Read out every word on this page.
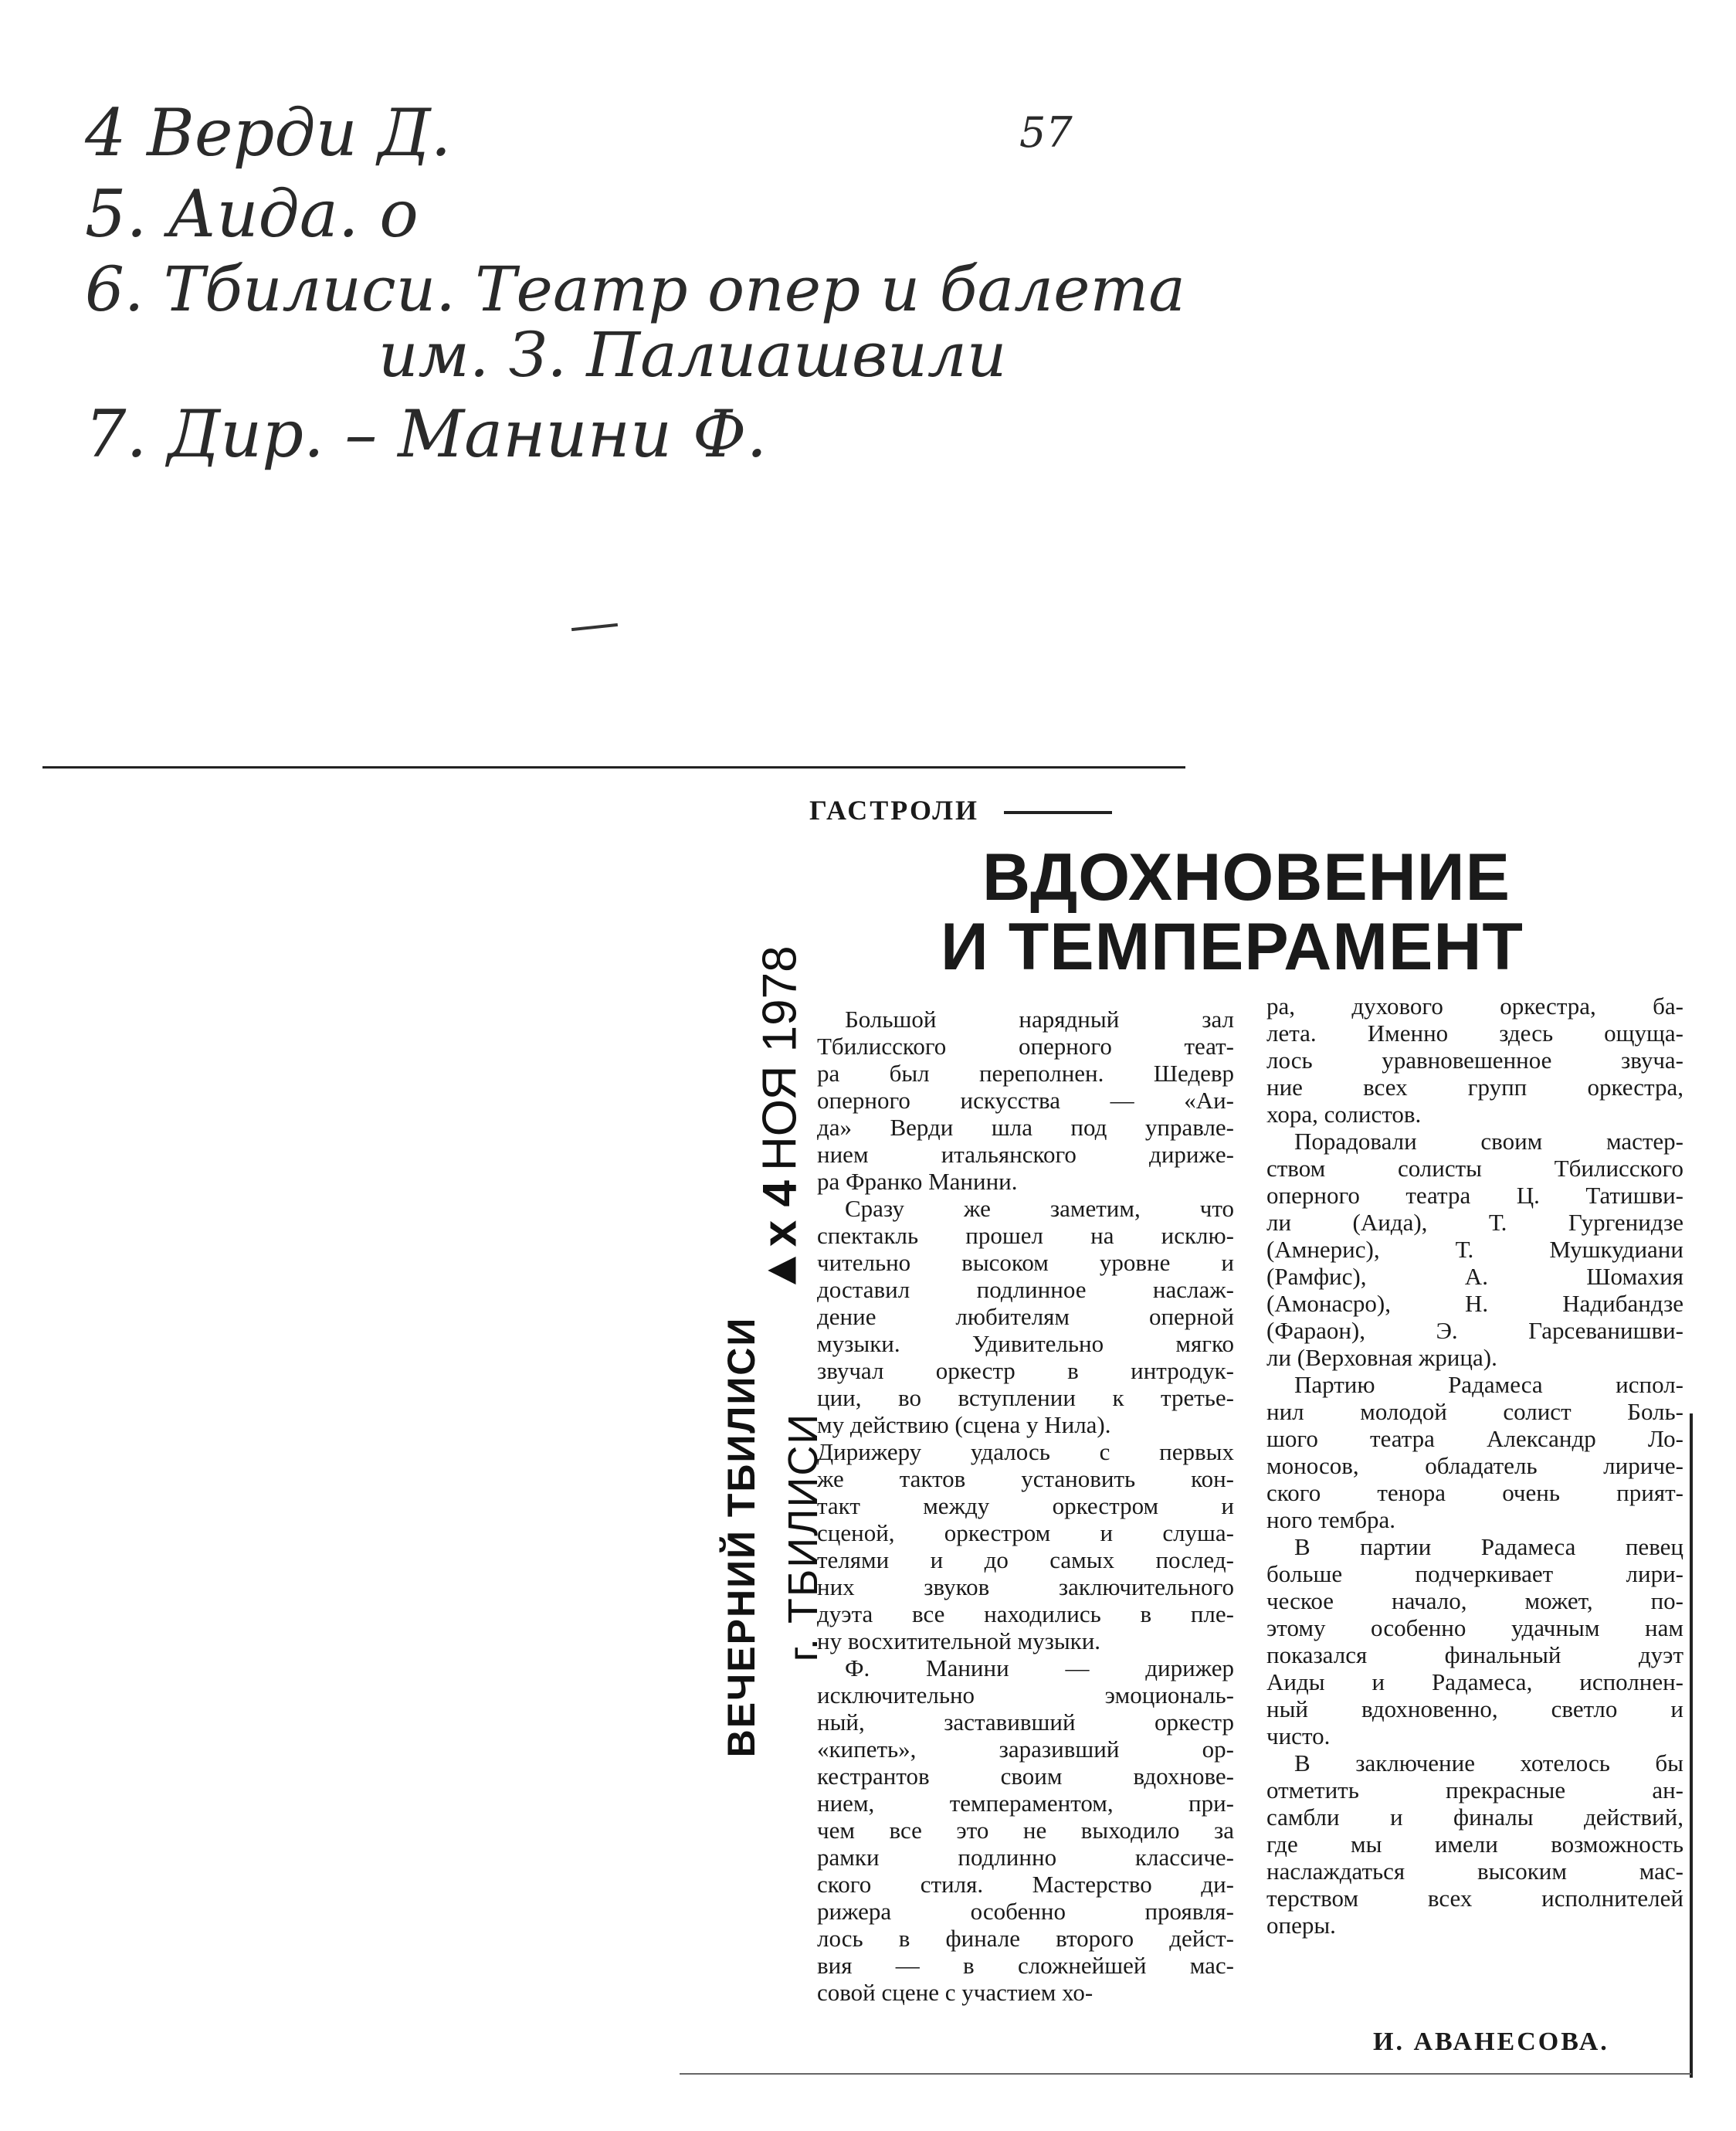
4 Верди Д.
5. Аида. о
6. Тбилиси. Театр опер и балета
им. З. Палиашвили
7. Дир. – Манини Ф.
57
ГАСТРОЛИ
ВДОХНОВЕНИЕ
И ТЕМПЕРАМЕНТ
▲x 4НОЯ 1978
ВЕЧЕРНИЙ ТБИЛИСИ г. ТБИЛИСИ

Большой нарядный зал

Тбилисского оперного теат-

ра был переполнен. Шедевр

оперного искусства — «Аи-

да» Верди шла под управле-

нием итальянского дирижe-

ра Франко Манини.

Сразу же заметим, что

спектакль прошел на исклю-

чительно высоком уровне и

доставил подлинное наслаж-

дение любителям оперной

музыки. Удивительно мягко

звучал оркестр в интродук-

ции, во вступлении к третье-

му действию (сцена у Нила).

Дирижеру удалось с первых

же тактов установить кон-

такт между оркестром и

сценой, оркестром и слуша-

телями и до самых послед-

них звуков заключительного

дуэта все находились в пле-

ну восхитительной музыки.

Ф. Манини — дирижер

исключительно эмоциональ-

ный, заставивший оркестр

«кипеть», заразивший ор-

кестрантов своим вдохнове-

нием, темпераментом, при-

чем все это не выходило за

рамки подлинно классиче-

ского стиля. Мастерство ди-

рижера особенно проявля-

лось в финале второго дейст-

вия — в сложнейшей мас-

совой сцене с участием хо-

ра, духового оркестра, ба-

лета. Именно здесь ощуща-

лось уравновешенное звуча-

ние всех групп оркестра,

хора, солистов.

Порадовали своим мастер-

ством солисты Тбилисского

оперного театра Ц. Татишви-

ли (Аида), Т. Гургенидзе

(Амнерис), Т. Мушкудиани

(Рамфис), А. Шомахия

(Амонасро), Н. Надибандзе

(Фараон), Э. Гарсеванишви-

ли (Верховная жрица).

Партию Радамеса испол-

нил молодой солист Боль-

шого театра Александр Ло-

моносов, обладатель лириче-

ского тенора очень прият-

ного тембра.

В партии Радамеса певец

больше подчеркивает лири-

ческое начало, может, по-

этому особенно удачным нам

показался финальный дуэт

Аиды и Радамеса, исполнен-

ный вдохновенно, светло и

чисто.

В заключение хотелось бы

отметить прекрасные ан-

самбли и финалы действий,

где мы имели возможность

наслаждаться высоким мас-

терством всех исполнителей

оперы.

И. АВАНЕСОВА.
